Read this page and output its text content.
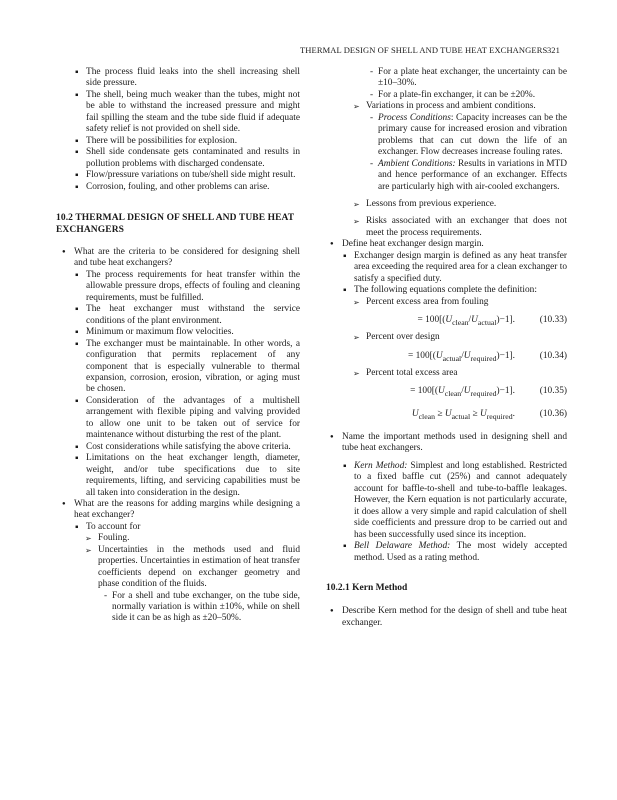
THERMAL DESIGN OF SHELL AND TUBE HEAT EXCHANGERS 321
▪ The process fluid leaks into the shell increasing shell side pressure.
▪ The shell, being much weaker than the tubes, might not be able to withstand the increased pressure and might fail spilling the steam and the tube side fluid if adequate safety relief is not provided on shell side.
▪ There will be possibilities for explosion.
▪ Shell side condensate gets contaminated and results in pollution problems with discharged condensate.
▪ Flow/pressure variations on tube/shell side might result.
▪ Corrosion, fouling, and other problems can arise.
10.2 THERMAL DESIGN OF SHELL AND TUBE HEAT EXCHANGERS
● What are the criteria to be considered for designing shell and tube heat exchangers?
▪ The process requirements for heat transfer within the allowable pressure drops, effects of fouling and cleaning requirements, must be fulfilled.
▪ The heat exchanger must withstand the service conditions of the plant environment.
▪ Minimum or maximum flow velocities.
▪ The exchanger must be maintainable. In other words, a configuration that permits replacement of any component that is especially vulnerable to thermal expansion, corrosion, erosion, vibration, or aging must be chosen.
▪ Consideration of the advantages of a multishell arrangement with flexible piping and valving provided to allow one unit to be taken out of service for maintenance without disturbing the rest of the plant.
▪ Cost considerations while satisfying the above criteria.
▪ Limitations on the heat exchanger length, diameter, weight, and/or tube specifications due to site requirements, lifting, and servicing capabilities must be all taken into consideration in the design.
● What are the reasons for adding margins while designing a heat exchanger?
▪ To account for
➢ Fouling.
➢ Uncertainties in the methods used and fluid properties. Uncertainties in estimation of heat transfer coefficients depend on exchanger geometry and phase condition of the fluids.
- For a shell and tube exchanger, on the tube side, normally variation is within ±10%, while on shell side it can be as high as ±20–50%.
- For a plate heat exchanger, the uncertainty can be ±10–30%.
- For a plate-fin exchanger, it can be ±20%.
➢ Variations in process and ambient conditions.
- Process Conditions: Capacity increases can be the primary cause for increased erosion and vibration problems that can cut down the life of an exchanger. Flow decreases increase fouling rates.
- Ambient Conditions: Results in variations in MTD and hence performance of an exchanger. Effects are particularly high with air-cooled exchangers.
➢ Lessons from previous experience.
➢ Risks associated with an exchanger that does not meet the process requirements.
● Define heat exchanger design margin.
▪ Exchanger design margin is defined as any heat transfer area exceeding the required area for a clean exchanger to satisfy a specified duty.
▪ The following equations complete the definition:
➢ Percent excess area from fouling
= $100[(U_{clean}/U_{actual})-1]$.	(10.33)
➢ Percent over design
= $100[(U_{actual}/U_{required})-1]$.	(10.34)
➢ Percent total excess area
= $100[(U_{clean}/U_{required})-1]$.	(10.35)
$U_{clean} \ge U_{actual} \ge U_{required}$.	(10.36)
● Name the important methods used in designing shell and tube heat exchangers.
▪ Kern Method: Simplest and long established. Restricted to a fixed baffle cut (25%) and cannot adequately account for baffle-to-shell and tube-to-baffle leakages. However, the Kern equation is not particularly accurate, it does allow a very simple and rapid calculation of shell side coefficients and pressure drop to be carried out and has been successfully used since its inception.
▪ Bell Delaware Method: The most widely accepted method. Used as a rating method.
10.2.1 Kern Method
● Describe Kern method for the design of shell and tube heat exchanger.
